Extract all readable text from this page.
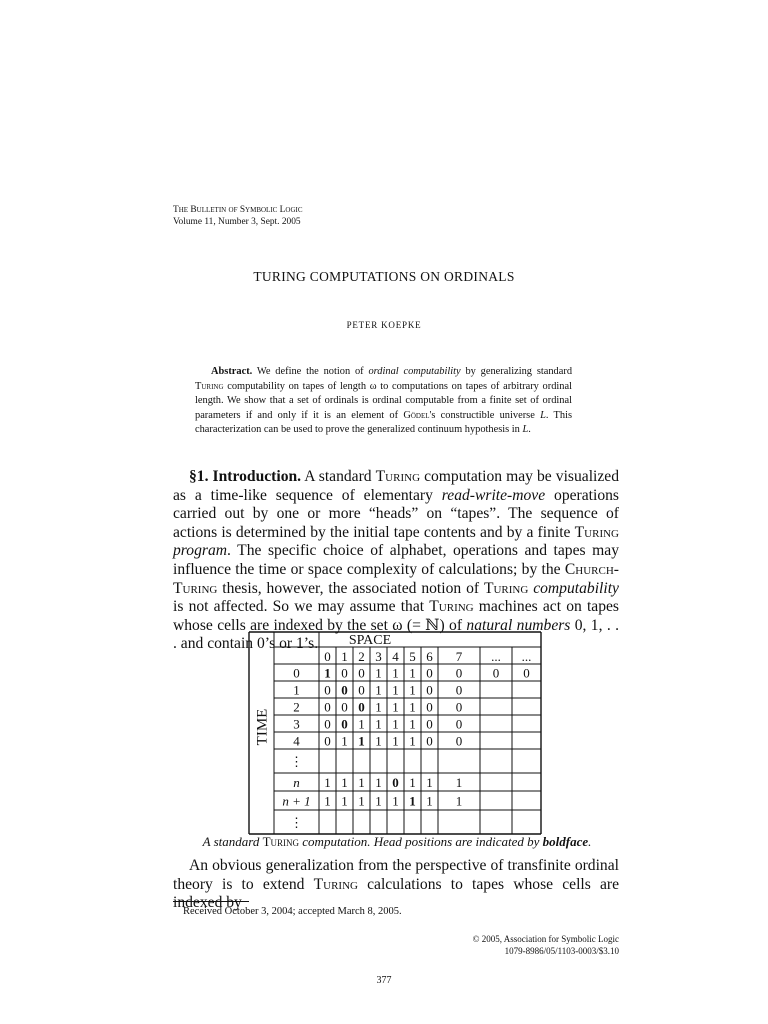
The Bulletin of Symbolic Logic
Volume 11, Number 3, Sept. 2005
TURING COMPUTATIONS ON ORDINALS
PETER KOEPKE
Abstract. We define the notion of ordinal computability by generalizing standard Turing computability on tapes of length ω to computations on tapes of arbitrary ordinal length. We show that a set of ordinals is ordinal computable from a finite set of ordinal parameters if and only if it is an element of Gödel's constructible universe L. This characterization can be used to prove the generalized continuum hypothesis in L.
§1. Introduction. A standard Turing computation may be visualized as a time-like sequence of elementary read-write-move operations carried out by one or more “heads” on “tapes”. The sequence of actions is determined by the initial tape contents and by a finite Turing program. The specific choice of alphabet, operations and tapes may influence the time or space complexity of calculations; by the Church-Turing thesis, however, the associated notion of Turing computability is not affected. So we may assume that Turing machines act on tapes whose cells are indexed by the set ω (= ℕ) of natural numbers 0, 1, . . . and contain 0’s or 1’s.	SPACE
TIME
0 1 2 3 4 5 6 7 ... ...
0 1 0 0 1 1 1 0 0 0 0
1 0 0 0 1 1 1 0 0
2 0 0 0 1 1 1 0 0
3 0 0 1 1 1 1 0 0
4 0 1 1 1 1 1 0 0
⋮
n 1 1 1 1 0 1 1 1
n + 1 1 1 1 1 1 1 1 1
⋮
A standard Turing computation. Head positions are indicated by boldface.
An obvious generalization from the perspective of transfinite ordinal theory is to extend Turing calculations to tapes whose cells are indexed by
Received October 3, 2004; accepted March 8, 2005.
© 2005, Association for Symbolic Logic
1079-8986/05/1103-0003/$3.10
377
